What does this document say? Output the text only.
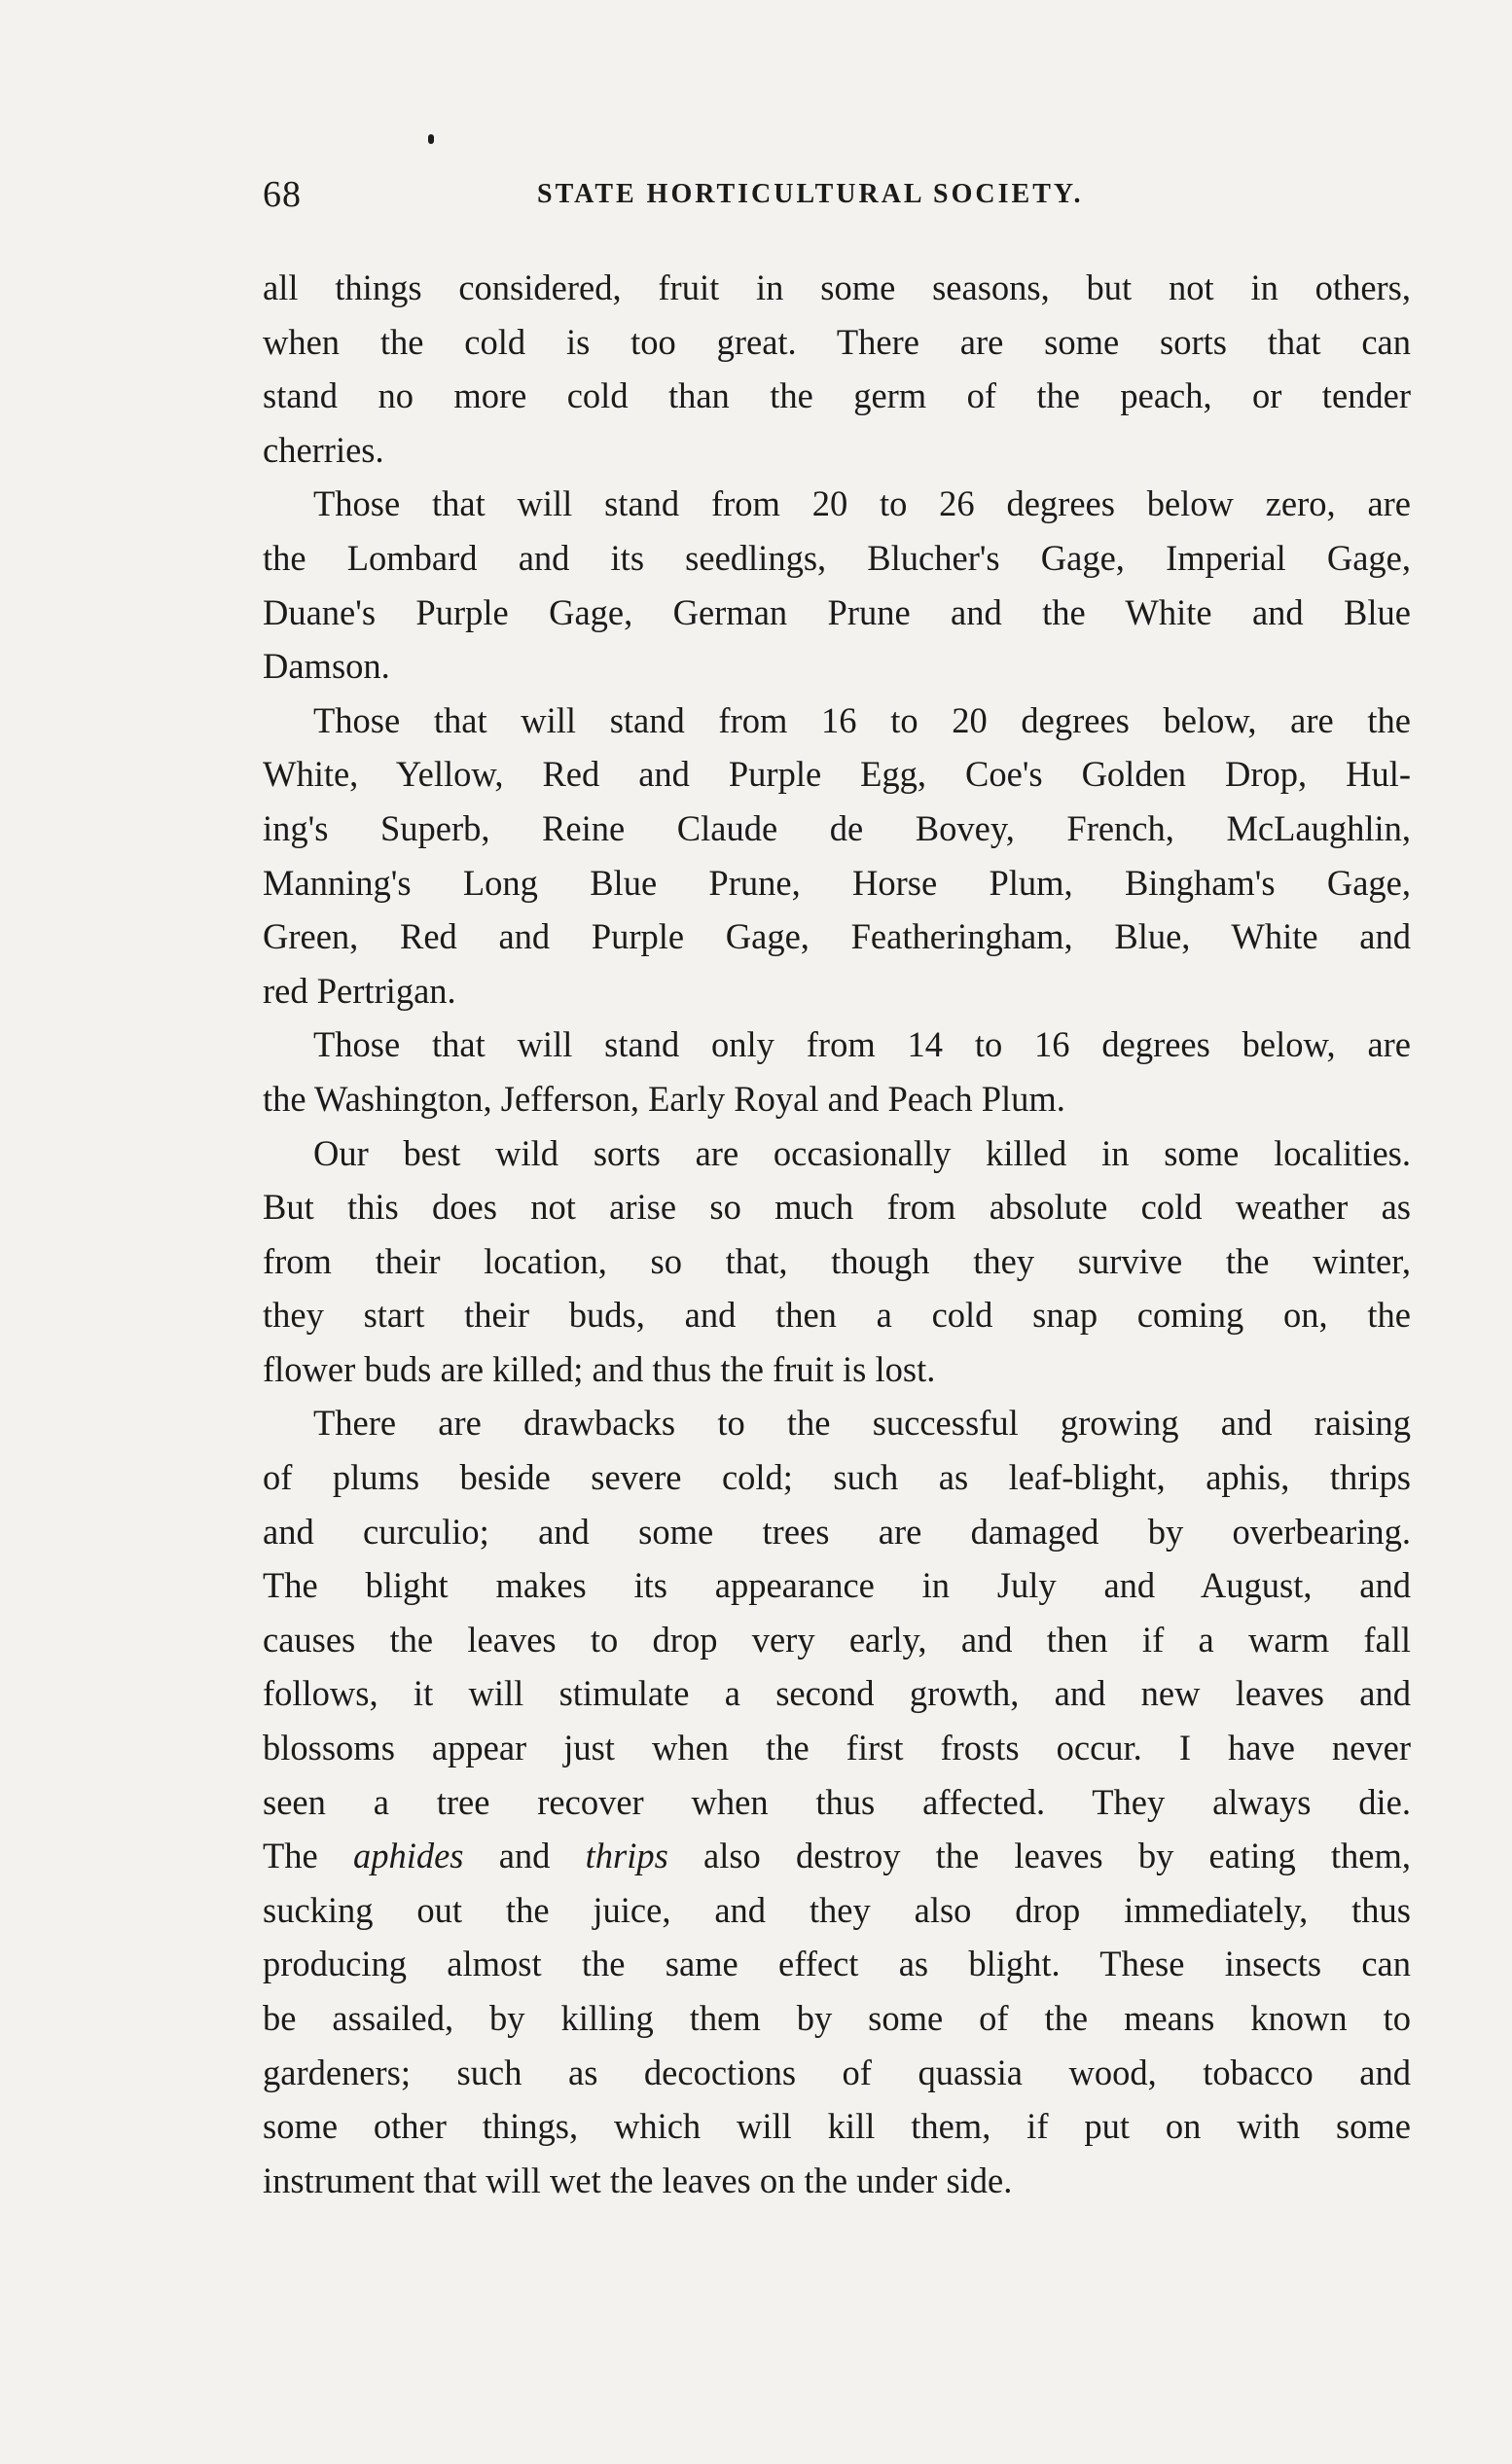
68	STATE HORTICULTURAL SOCIETY.
all things considered, fruit in some seasons, but not in others,
when the cold is too great. There are some sorts that can
stand no more cold than the germ of the peach, or tender
cherries.
Those that will stand from 20 to 26 degrees below zero, are
the Lombard and its seedlings, Blucher's Gage, Imperial Gage,
Duane's Purple Gage, German Prune and the White and Blue
Damson.
Those that will stand from 16 to 20 degrees below, are the
White, Yellow, Red and Purple Egg, Coe's Golden Drop, Hul-
ing's Superb, Reine Claude de Bovey, French, McLaughlin,
Manning's Long Blue Prune, Horse Plum, Bingham's Gage,
Green, Red and Purple Gage, Featheringham, Blue, White and
red Pertrigan.
Those that will stand only from 14 to 16 degrees below, are
the Washington, Jefferson, Early Royal and Peach Plum.
Our best wild sorts are occasionally killed in some localities.
But this does not arise so much from absolute cold weather as
from their location, so that, though they survive the winter,
they start their buds, and then a cold snap coming on, the
flower buds are killed; and thus the fruit is lost.
There are drawbacks to the successful growing and raising
of plums beside severe cold; such as leaf-blight, aphis, thrips
and curculio; and some trees are damaged by overbearing.
The blight makes its appearance in July and August, and
causes the leaves to drop very early, and then if a warm fall
follows, it will stimulate a second growth, and new leaves and
blossoms appear just when the first frosts occur. I have never
seen a tree recover when thus affected. They always die.
The aphides and thrips also destroy the leaves by eating them,
sucking out the juice, and they also drop immediately, thus
producing almost the same effect as blight. These insects can
be assailed, by killing them by some of the means known to
gardeners; such as decoctions of quassia wood, tobacco and
some other things, which will kill them, if put on with some
instrument that will wet the leaves on the under side.
